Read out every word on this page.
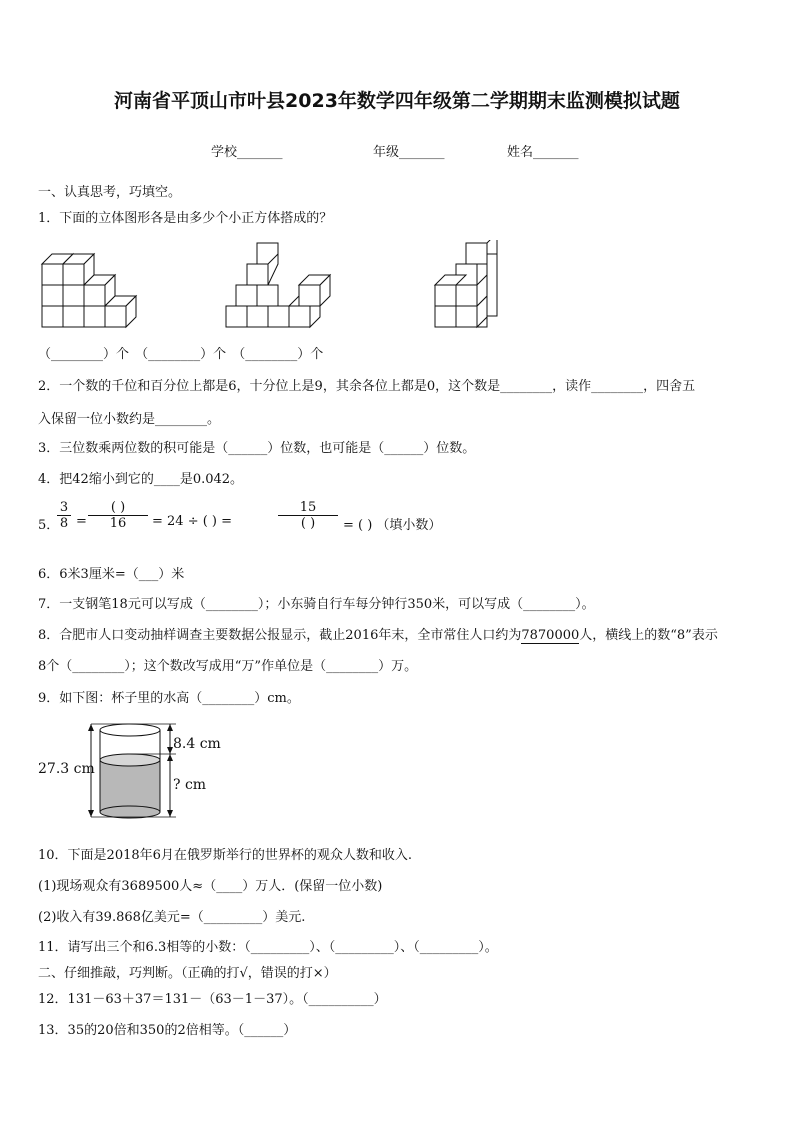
河南省平顶山市叶县2023年数学四年级第二学期期末监测模拟试题
学校_______	年级_______	姓名_______
一、认真思考，巧填空。
1．下面的立体图形各是由多少个小正方体搭成的？
（________）个 （________）个 （________）个
2．一个数的千位和百分位上都是6，十分位上是9，其余各位上都是0，这个数是________，读作________，四舍五
入保留一位小数约是________。
3．三位数乘两位数的积可能是（______）位数，也可能是（______）位数。
4．把42缩小到它的____是0.042。
5．
$\frac{3}{8}$ =
( )
16	= 24 ÷ ( ) =
15
( )	= ( ) （填小数）
6．6米3厘米=（___）米
7．一支钢笔18元可以写成（________）；小东骑自行车每分钟行350米，可以写成（________）。
8．合肥市人口变动抽样调查主要数据公报显示，截止2016年末，全市常住人口约为7870000人，横线上的数“8”表示
8个（________）；这个数改写成用“万”作单位是（________）万。
9．如下图：杯子里的水高（________）cm。
27.3 cm
8.4 cm
? cm
10．下面是2018年6月在俄罗斯举行的世界杯的观众人数和收入.
(1)现场观众有3689500人≈（____）万人．(保留一位小数)
(2)收入有39.868亿美元=（_________）美元.
11．请写出三个和6.3相等的小数：（_________）、（_________）、（_________）。
二、仔细推敲，巧判断。（正确的打√，错误的打×）
12．131－63＋37＝131－（63－1－37）。（__________）
13．35的20倍和350的2倍相等。（______）
